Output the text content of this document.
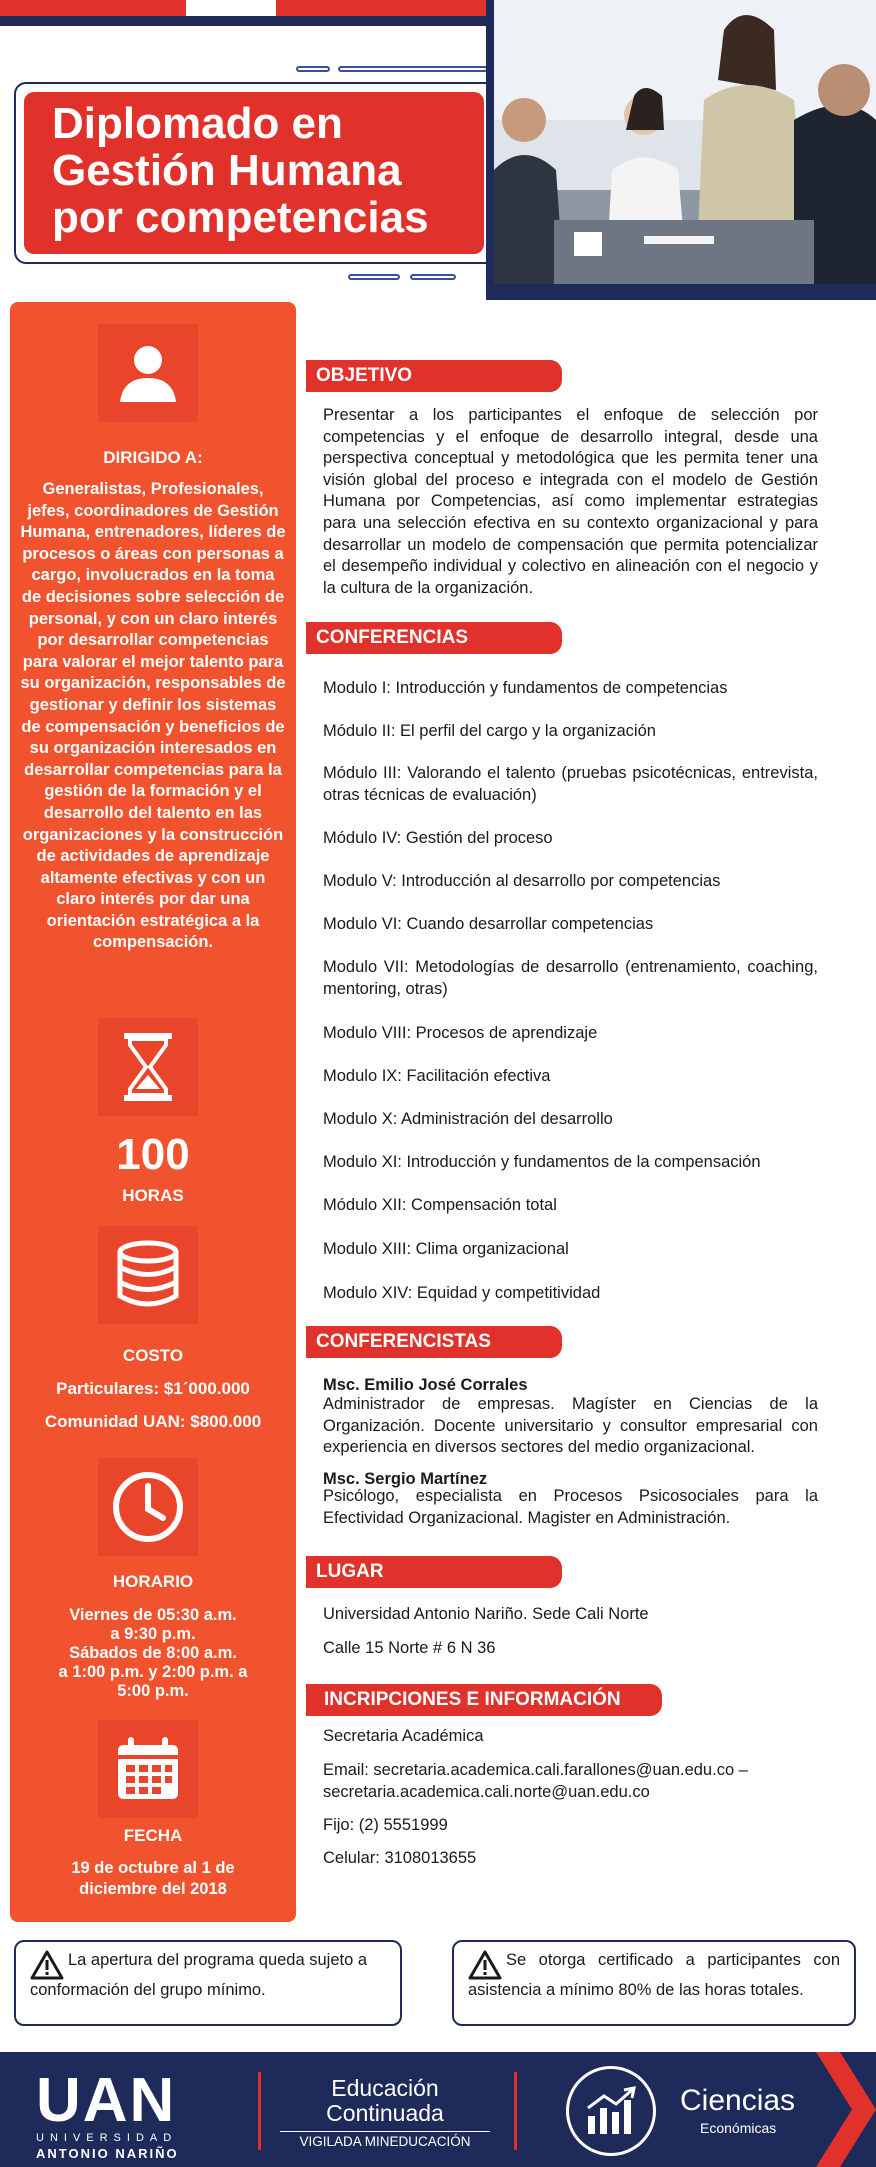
Diplomado en
Gestión Humana
por competencias
DIRIGIDO A:
Generalistas, Profesionales, jefes, coordinadores de Gestión Humana, entrenadores, líderes de procesos o áreas con personas a cargo, involucrados en la toma de decisiones sobre selección de personal, y con un claro interés por desarrollar competencias para valorar el mejor talento para su organización, responsables de gestionar y definir los sistemas de compensación y beneficios de su organización interesados en desarrollar competencias para la gestión de la formación y el desarrollo del talento en las organizaciones y la construcción de actividades de aprendizaje altamente efectivas y con un claro interés por dar una orientación estratégica a la compensación.
100
HORAS
COSTO
Particulares: $1´000.000
Comunidad UAN: $800.000
HORARIO
Viernes de 05:30 a.m.
a 9:30 p.m.
Sábados de 8:00 a.m.
a 1:00 p.m. y 2:00 p.m. a
5:00 p.m.
FECHA
19 de octubre al 1 de diciembre del 2018
OBJETIVO
Presentar a los participantes el enfoque de selección por competencias y el enfoque de desarrollo integral, desde una perspectiva conceptual y metodológica que les permita tener una visión global del proceso e integrada con el modelo de Gestión Humana por Competencias, así como implementar estrategias para una selección efectiva en su contexto organizacional y para desarrollar un modelo de compensación que permita potencializar el desempeño individual y colectivo en alineación con el negocio y la cultura de la organización.
CONFERENCIAS
Modulo I: Introducción y fundamentos de competencias
Módulo II: El perfil del cargo y la organización
Módulo III: Valorando el talento (pruebas psicotécnicas, entrevista, otras técnicas de evaluación)
Módulo IV: Gestión del proceso
Modulo V: Introducción al desarrollo por competencias
Modulo VI: Cuando desarrollar competencias
Modulo VII: Metodologías de desarrollo (entrenamiento, coaching, mentoring, otras)
Modulo VIII: Procesos de aprendizaje
Modulo IX: Facilitación efectiva
Modulo X: Administración del desarrollo
Modulo XI: Introducción y fundamentos de la compensación
Módulo XII: Compensación total
Modulo XIII: Clima organizacional
Modulo XIV: Equidad y competitividad
CONFERENCISTAS
Msc. Emilio José Corrales
Administrador de empresas. Magíster en Ciencias de la Organización. Docente universitario y consultor empresarial con experiencia en diversos sectores del medio organizacional.
Msc. Sergio Martínez
Psicólogo, especialista en Procesos Psicosociales para la Efectividad Organizacional. Magister en Administración.
LUGAR
Universidad Antonio Nariño. Sede Cali Norte
Calle 15 Norte # 6 N 36
INCRIPCIONES E INFORMACIÓN
Secretaria Académica
Email: secretaria.academica.cali.farallones@uan.edu.co –
secretaria.academica.cali.norte@uan.edu.co
Fijo: (2) 5551999
Celular: 3108013655
La apertura del programa queda sujeto a conformación del grupo mínimo.
Se otorga certificado a participantes con asistencia a mínimo 80% de las horas totales.
UAN
UNIVERSIDAD
ANTONIO NARIÑO
Educación Continuada
VIGILADA MINEDUCACIÓN
Ciencias
Económicas
